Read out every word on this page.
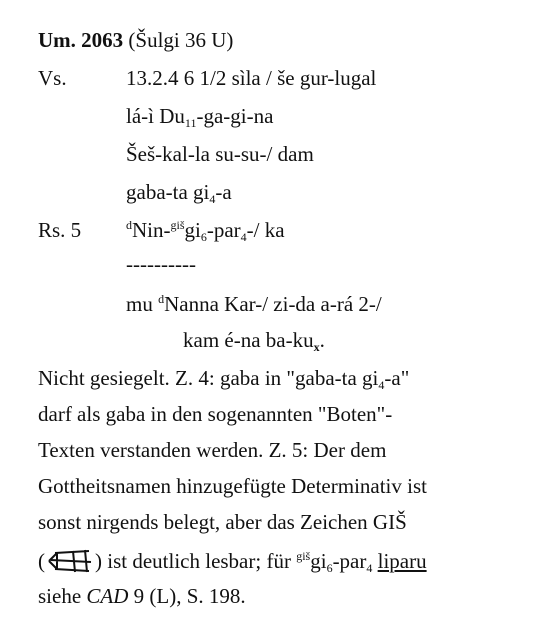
Um. 2063 (Šulgi 36 U)
Vs.	13.2.4 6 1/2 sìla / še gur-lugal
lá-ì $Du_{11}-ga-gi-na$
Šeš-kal-la su-su-/ dam
gaba-ta $gi_4-a$
Rs. 5	$^dNin-^{giš}gi_6-par_4-/$ ka
----------
mu $^d$Nanna Kar-/ zi-da a-rá 2-/
kam é-na $ba-ku_x$.
Nicht gesiegelt. Z. 4: gaba in "gaba-ta $gi_4-a$"
darf als gaba in den sogenannten "Boten"-
Texten verstanden werden. Z. 5: Der dem
Gottheitsnamen hinzugefügte Determinativ ist
sonst nirgends belegt, aber das Zeichen GIŠ
( ) ist deutlich lesbar; für $^{giš}gi_6-par_4$ liparu
siehe CAD 9 (L), S. 198.
